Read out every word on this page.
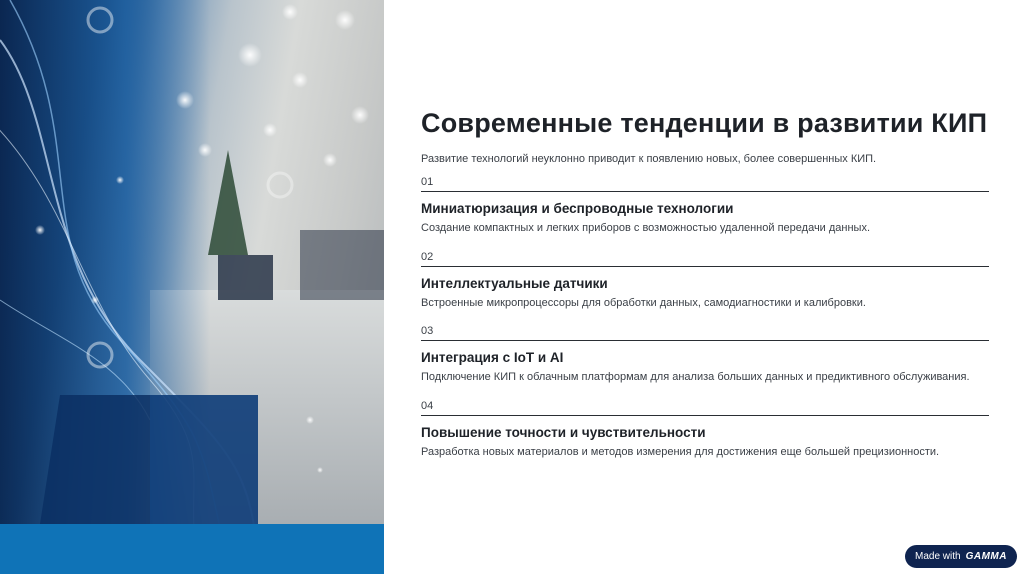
Современные тенденции в развитии КИП
Развитие технологий неуклонно приводит к появлению новых, более совершенных КИП.
01
Миниатюризация и беспроводные технологии
Создание компактных и легких приборов с возможностью удаленной передачи данных.
02
Интеллектуальные датчики
Встроенные микропроцессоры для обработки данных, самодиагностики и калибровки.
03
Интеграция с IoT и AI
Подключение КИП к облачным платформам для анализа больших данных и предиктивного обслуживания.
04
Повышение точности и чувствительности
Разработка новых материалов и методов измерения для достижения еще большей прецизионности.
Made with GAMMA
